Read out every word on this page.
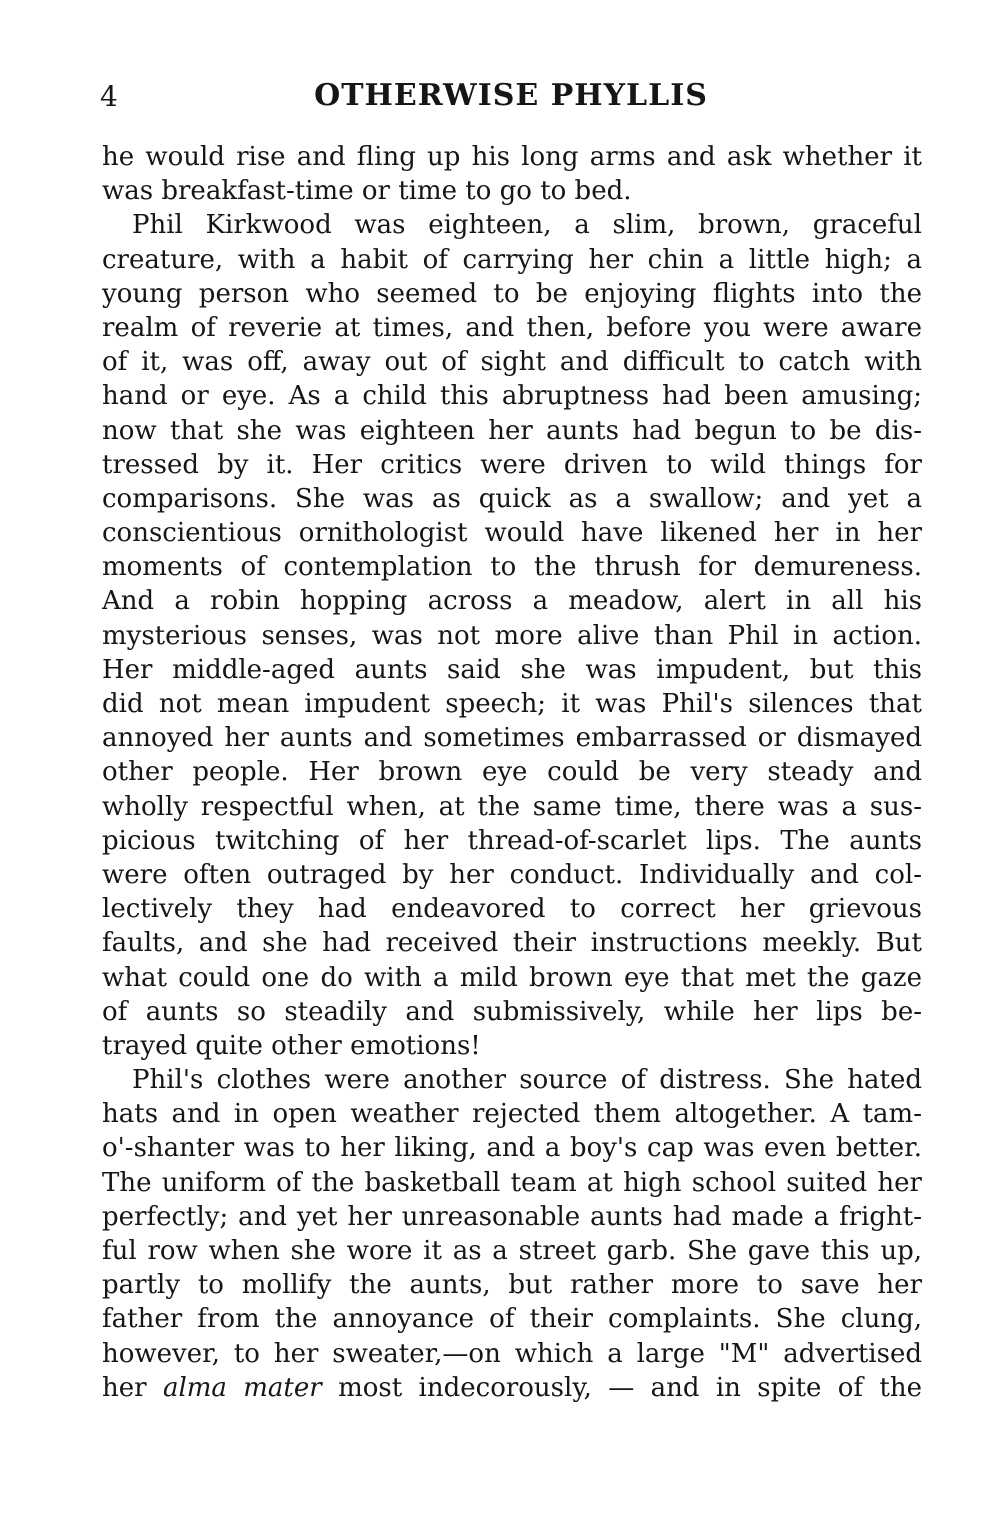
4	OTHERWISE PHYLLIS
he would rise and fling up his long arms and ask whether it
was breakfast-time or time to go to bed.
Phil Kirkwood was eighteen, a slim, brown, graceful
creature, with a habit of carrying her chin a little high; a
young person who seemed to be enjoying flights into the
realm of reverie at times, and then, before you were aware
of it, was off, away out of sight and difficult to catch with
hand or eye. As a child this abruptness had been amusing;
now that she was eighteen her aunts had begun to be dis-
tressed by it. Her critics were driven to wild things for
comparisons. She was as quick as a swallow; and yet a
conscientious ornithologist would have likened her in her
moments of contemplation to the thrush for demureness.
And a robin hopping across a meadow, alert in all his
mysterious senses, was not more alive than Phil in action.
Her middle-aged aunts said she was impudent, but this
did not mean impudent speech; it was Phil's silences that
annoyed her aunts and sometimes embarrassed or dismayed
other people. Her brown eye could be very steady and
wholly respectful when, at the same time, there was a sus-
picious twitching of her thread-of-scarlet lips. The aunts
were often outraged by her conduct. Individually and col-
lectively they had endeavored to correct her grievous
faults, and she had received their instructions meekly. But
what could one do with a mild brown eye that met the gaze
of aunts so steadily and submissively, while her lips be-
trayed quite other emotions!
Phil's clothes were another source of distress. She hated
hats and in open weather rejected them altogether. A tam-
o'-shanter was to her liking, and a boy's cap was even better.
The uniform of the basketball team at high school suited her
perfectly; and yet her unreasonable aunts had made a fright-
ful row when she wore it as a street garb. She gave this up,
partly to mollify the aunts, but rather more to save her
father from the annoyance of their complaints. She clung,
however, to her sweater,—on which a large "M" advertised
her alma mater most indecorously, — and in spite of the
